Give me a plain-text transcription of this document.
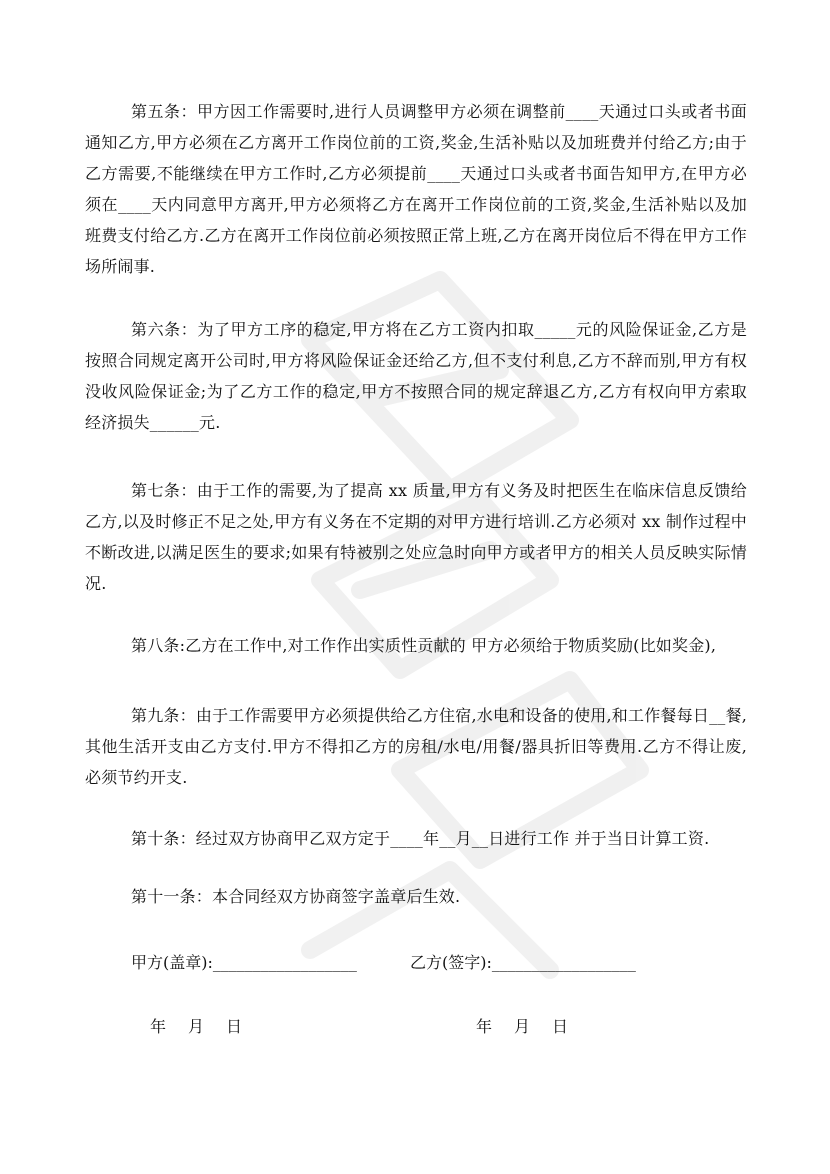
第五条：甲方因工作需要时,进行人员调整甲方必须在调整前____天通过口头或者书面通知乙方,甲方必须在乙方离开工作岗位前的工资,奖金,生活补贴以及加班费并付给乙方;由于乙方需要,不能继续在甲方工作时,乙方必须提前____天通过口头或者书面告知甲方,在甲方必须在____天内同意甲方离开,甲方必须将乙方在离开工作岗位前的工资,奖金,生活补贴以及加班费支付给乙方.乙方在离开工作岗位前必须按照正常上班,乙方在离开岗位后不得在甲方工作场所闹事.

第六条：为了甲方工序的稳定,甲方将在乙方工资内扣取_____元的风险保证金,乙方是按照合同规定离开公司时,甲方将风险保证金还给乙方,但不支付利息,乙方不辞而别,甲方有权没收风险保证金;为了乙方工作的稳定,甲方不按照合同的规定辞退乙方,乙方有权向甲方索取经济损失______元.

第七条：由于工作的需要,为了提高 xx 质量,甲方有义务及时把医生在临床信息反馈给乙方,以及时修正不足之处,甲方有义务在不定期的对甲方进行培训.乙方必须对 xx 制作过程中不断改进,以满足医生的要求;如果有特被别之处应急时向甲方或者甲方的相关人员反映实际情况.

第八条:乙方在工作中,对工作作出实质性贡献的 甲方必须给于物质奖励(比如奖金),

第九条：由于工作需要甲方必须提供给乙方住宿,水电和设备的使用,和工作餐每日__餐,其他生活开支由乙方支付.甲方不得扣乙方的房租/水电/用餐/器具折旧等费用.乙方不得让废,必须节约开支.

第十条：经过双方协商甲乙双方定于____年__月__日进行工作 并于当日计算工资.

第十一条：本合同经双方协商签字盖章后生效.

甲方(盖章):__________________	乙方(签字):__________________
年 月 日	年 月 日
